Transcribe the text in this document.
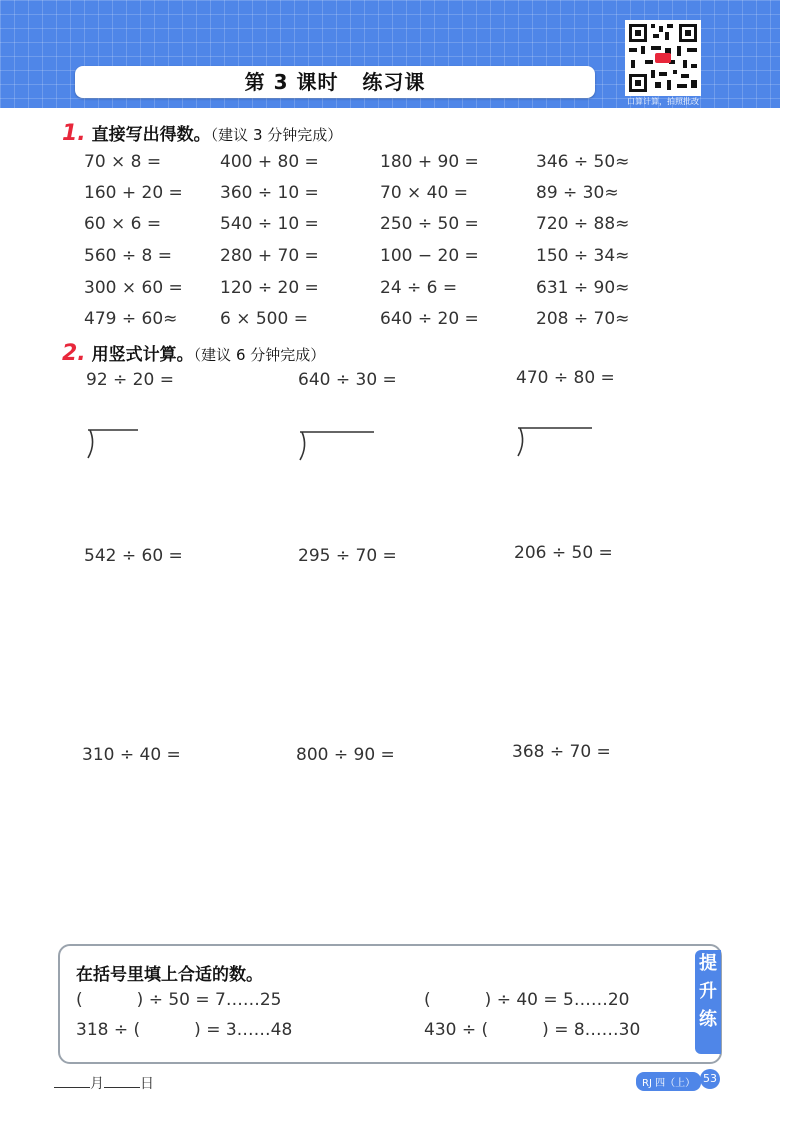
第 3 课时   练习课
口算计算，拍照批改
1. 直接写出得数。（建议 3 分钟完成）
70 × 8 =	400 + 80 =	180 + 90 =	346 ÷ 50≈
160 + 20 = 360 ÷ 10 =	70 × 40 =	89 ÷ 30≈
60 × 6 =	540 ÷ 10 =	250 ÷ 50 =	720 ÷ 88≈
560 ÷ 8 =	280 + 70 =	100 − 20 =	150 ÷ 34≈
300 × 60 = 120 ÷ 20 =	24 ÷ 6 =	631 ÷ 90≈
479 ÷ 60≈	6 × 500 =	640 ÷ 20 =	208 ÷ 70≈
2. 用竖式计算。（建议 6 分钟完成）
92 ÷ 20 =	640 ÷ 30 =	470 ÷ 80 =
542 ÷ 60 =	295 ÷ 70 =	206 ÷ 50 =
310 ÷ 40 =	800 ÷ 90 =	368 ÷ 70 =
在括号里填上合适的数。
(          ) ÷ 50 = 7……25	(          ) ÷ 40 = 5……20
318 ÷ (          ) = 3……48	430 ÷ (          ) = 8……30
提
升
练
月	日	RJ 四（上） 53
